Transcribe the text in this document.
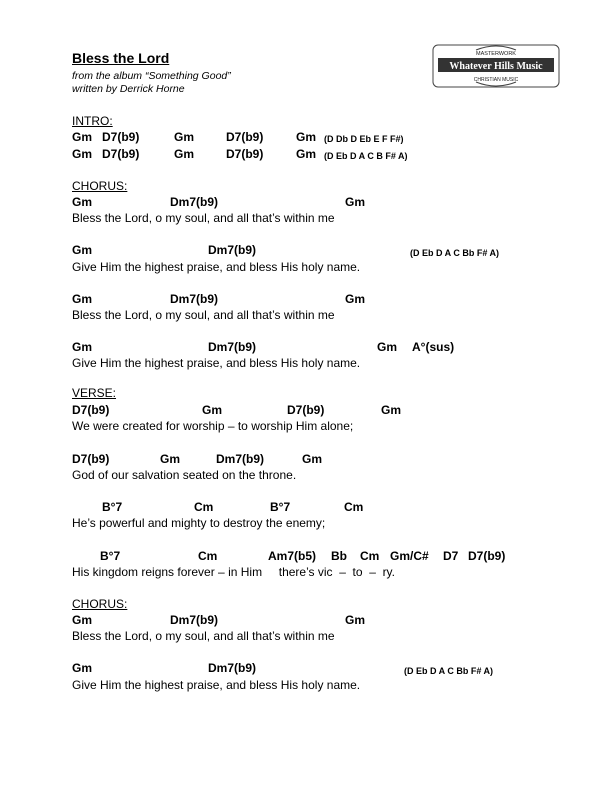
Bless the Lord
from the album “Something Good”
written by Derrick Horne
MASTERWORK
Whatever Hills Music
CHRISTIAN MUSIC
INTRO:
Gm D7(b9)	Gm	D7(b9)	Gm (D Db D Eb E F F#)
Gm D7(b9)	Gm	D7(b9)	Gm (D Eb D A C B F# A)
CHORUS:
Gm	Dm7(b9)	Gm
Bless the Lord, o my soul, and all that’s within me
Gm	Dm7(b9)	(D Eb D A C Bb F# A)
Give Him the highest praise, and bless His holy name.
Gm	Dm7(b9)	Gm
Bless the Lord, o my soul, and all that’s within me
Gm	Dm7(b9)	Gm A°(sus)
Give Him the highest praise, and bless His holy name.
VERSE:
D7(b9)	Gm	D7(b9)	Gm
We were created for worship – to worship Him alone;
D7(b9)	Gm	Dm7(b9)	Gm
God of our salvation seated on the throne.
B°7	Cm	B°7	Cm
He’s powerful and mighty to destroy the enemy;
B°7	Cm	Am7(b5) Bb Cm Gm/C# D7 D7(b9)
His kingdom reigns forever – in Him     there’s vic  –  to  –  ry.
CHORUS:
Gm	Dm7(b9)	Gm
Bless the Lord, o my soul, and all that’s within me
Gm	Dm7(b9)	(D Eb D A C Bb F# A)
Give Him the highest praise, and bless His holy name.
